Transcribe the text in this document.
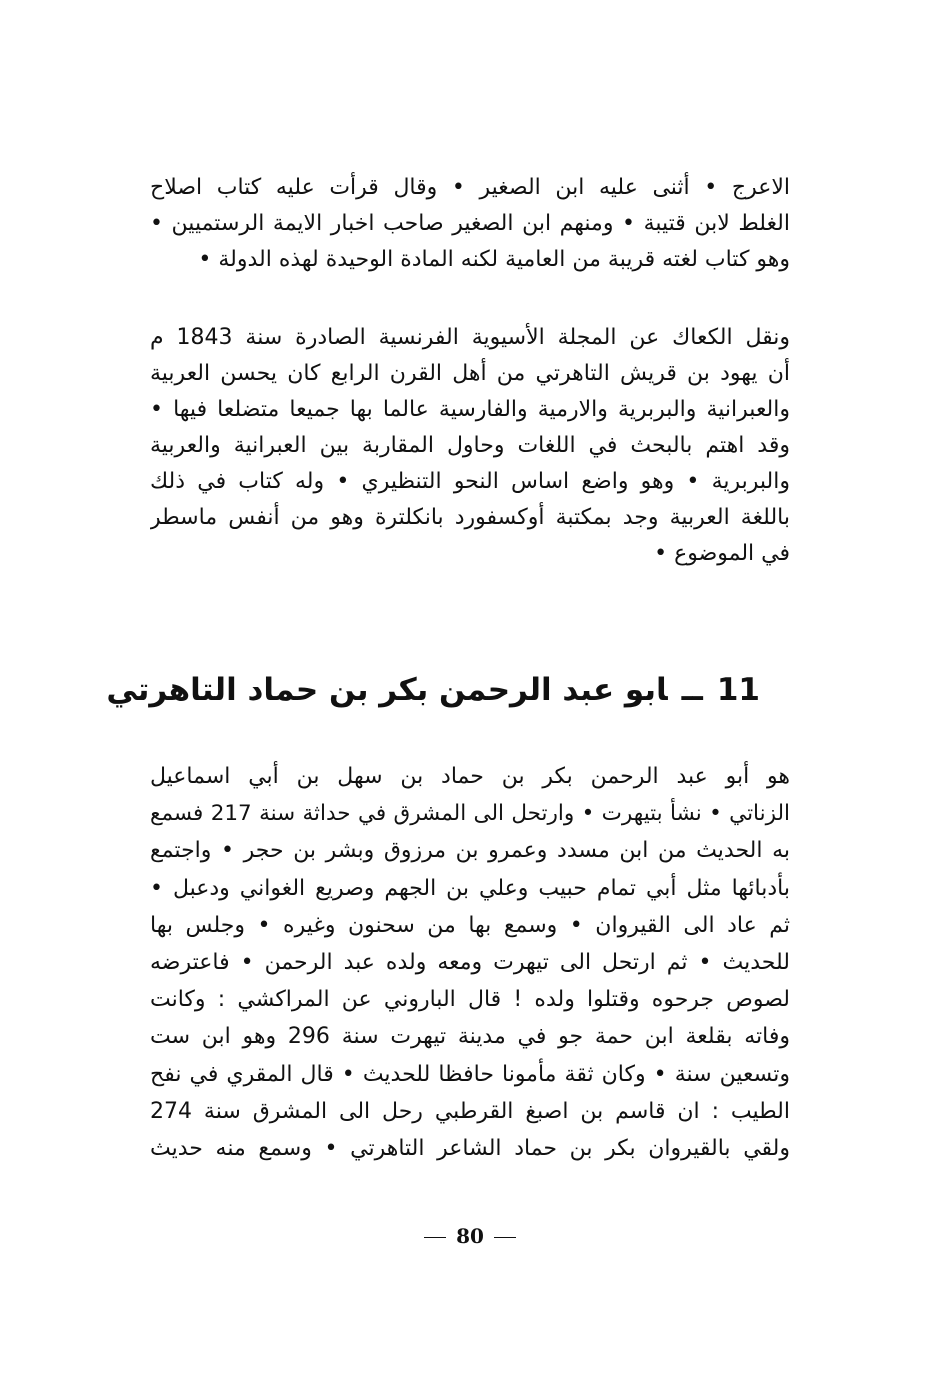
الاعرج • أثنى عليه ابن الصغير • وقال قرأت عليه كتاب اصلاح
الغلط لابن قتيبة • ومنهم ابن الصغير صاحب اخبار الايمة الرستميين •
وهو كتاب لغته قريبة من العامية لكنه المادة الوحيدة لهذه الدولة •
ونقل الكعاك عن المجلة الأسيوية الفرنسية الصادرة سنة 1843 م
أن يهود بن قريش التاهرتي من أهل القرن الرابع كان يحسن العربية
والعبرانية والبربرية والارمية والفارسية عالما بها جميعا متضلعا فيها •
وقد اهتم بالبحث في اللغات وحاول المقاربة بين العبرانية والعربية
والبربرية • وهو واضع اساس النحو التنظيري • وله كتاب في ذلك
باللغة العربية وجد بمكتبة أوكسفورد بانكلترة وهو من أنفس ماسطر
في الموضوع •
11ــابو عبد الرحمن بكر بن حماد التاهرتي
هو أبو عبد الرحمن بكر بن حماد بن سهل بن أبي اسماعيل
الزناتي • نشأ بتيهرت • وارتحل الى المشرق في حداثة سنة 217 فسمع
به الحديث من ابن مسدد وعمرو بن مرزوق وبشر بن حجر • واجتمع
بأدبائها مثل أبي تمام حبيب وعلي بن الجهم وصريع الغواني ودعبل •
ثم عاد الى القيروان • وسمع بها من سحنون وغيره • وجلس بها
للحديث • ثم ارتحل الى تيهرت ومعه ولده عبد الرحمن • فاعترضه
لصوص جرحوه وقتلوا ولده ! قال الباروني عن المراكشي : وكانت
وفاته بقلعة ابن حمة جو في مدينة تيهرت سنة 296 وهو ابن ست
وتسعين سنة • وكان ثقة مأمونا حافظا للحديث • قال المقري في نفح
الطيب : ان قاسم بن اصبغ القرطبي رحل الى المشرق سنة 274
ولقي بالقيروان بكر بن حماد الشاعر التاهرتي • وسمع منه حديث
80
